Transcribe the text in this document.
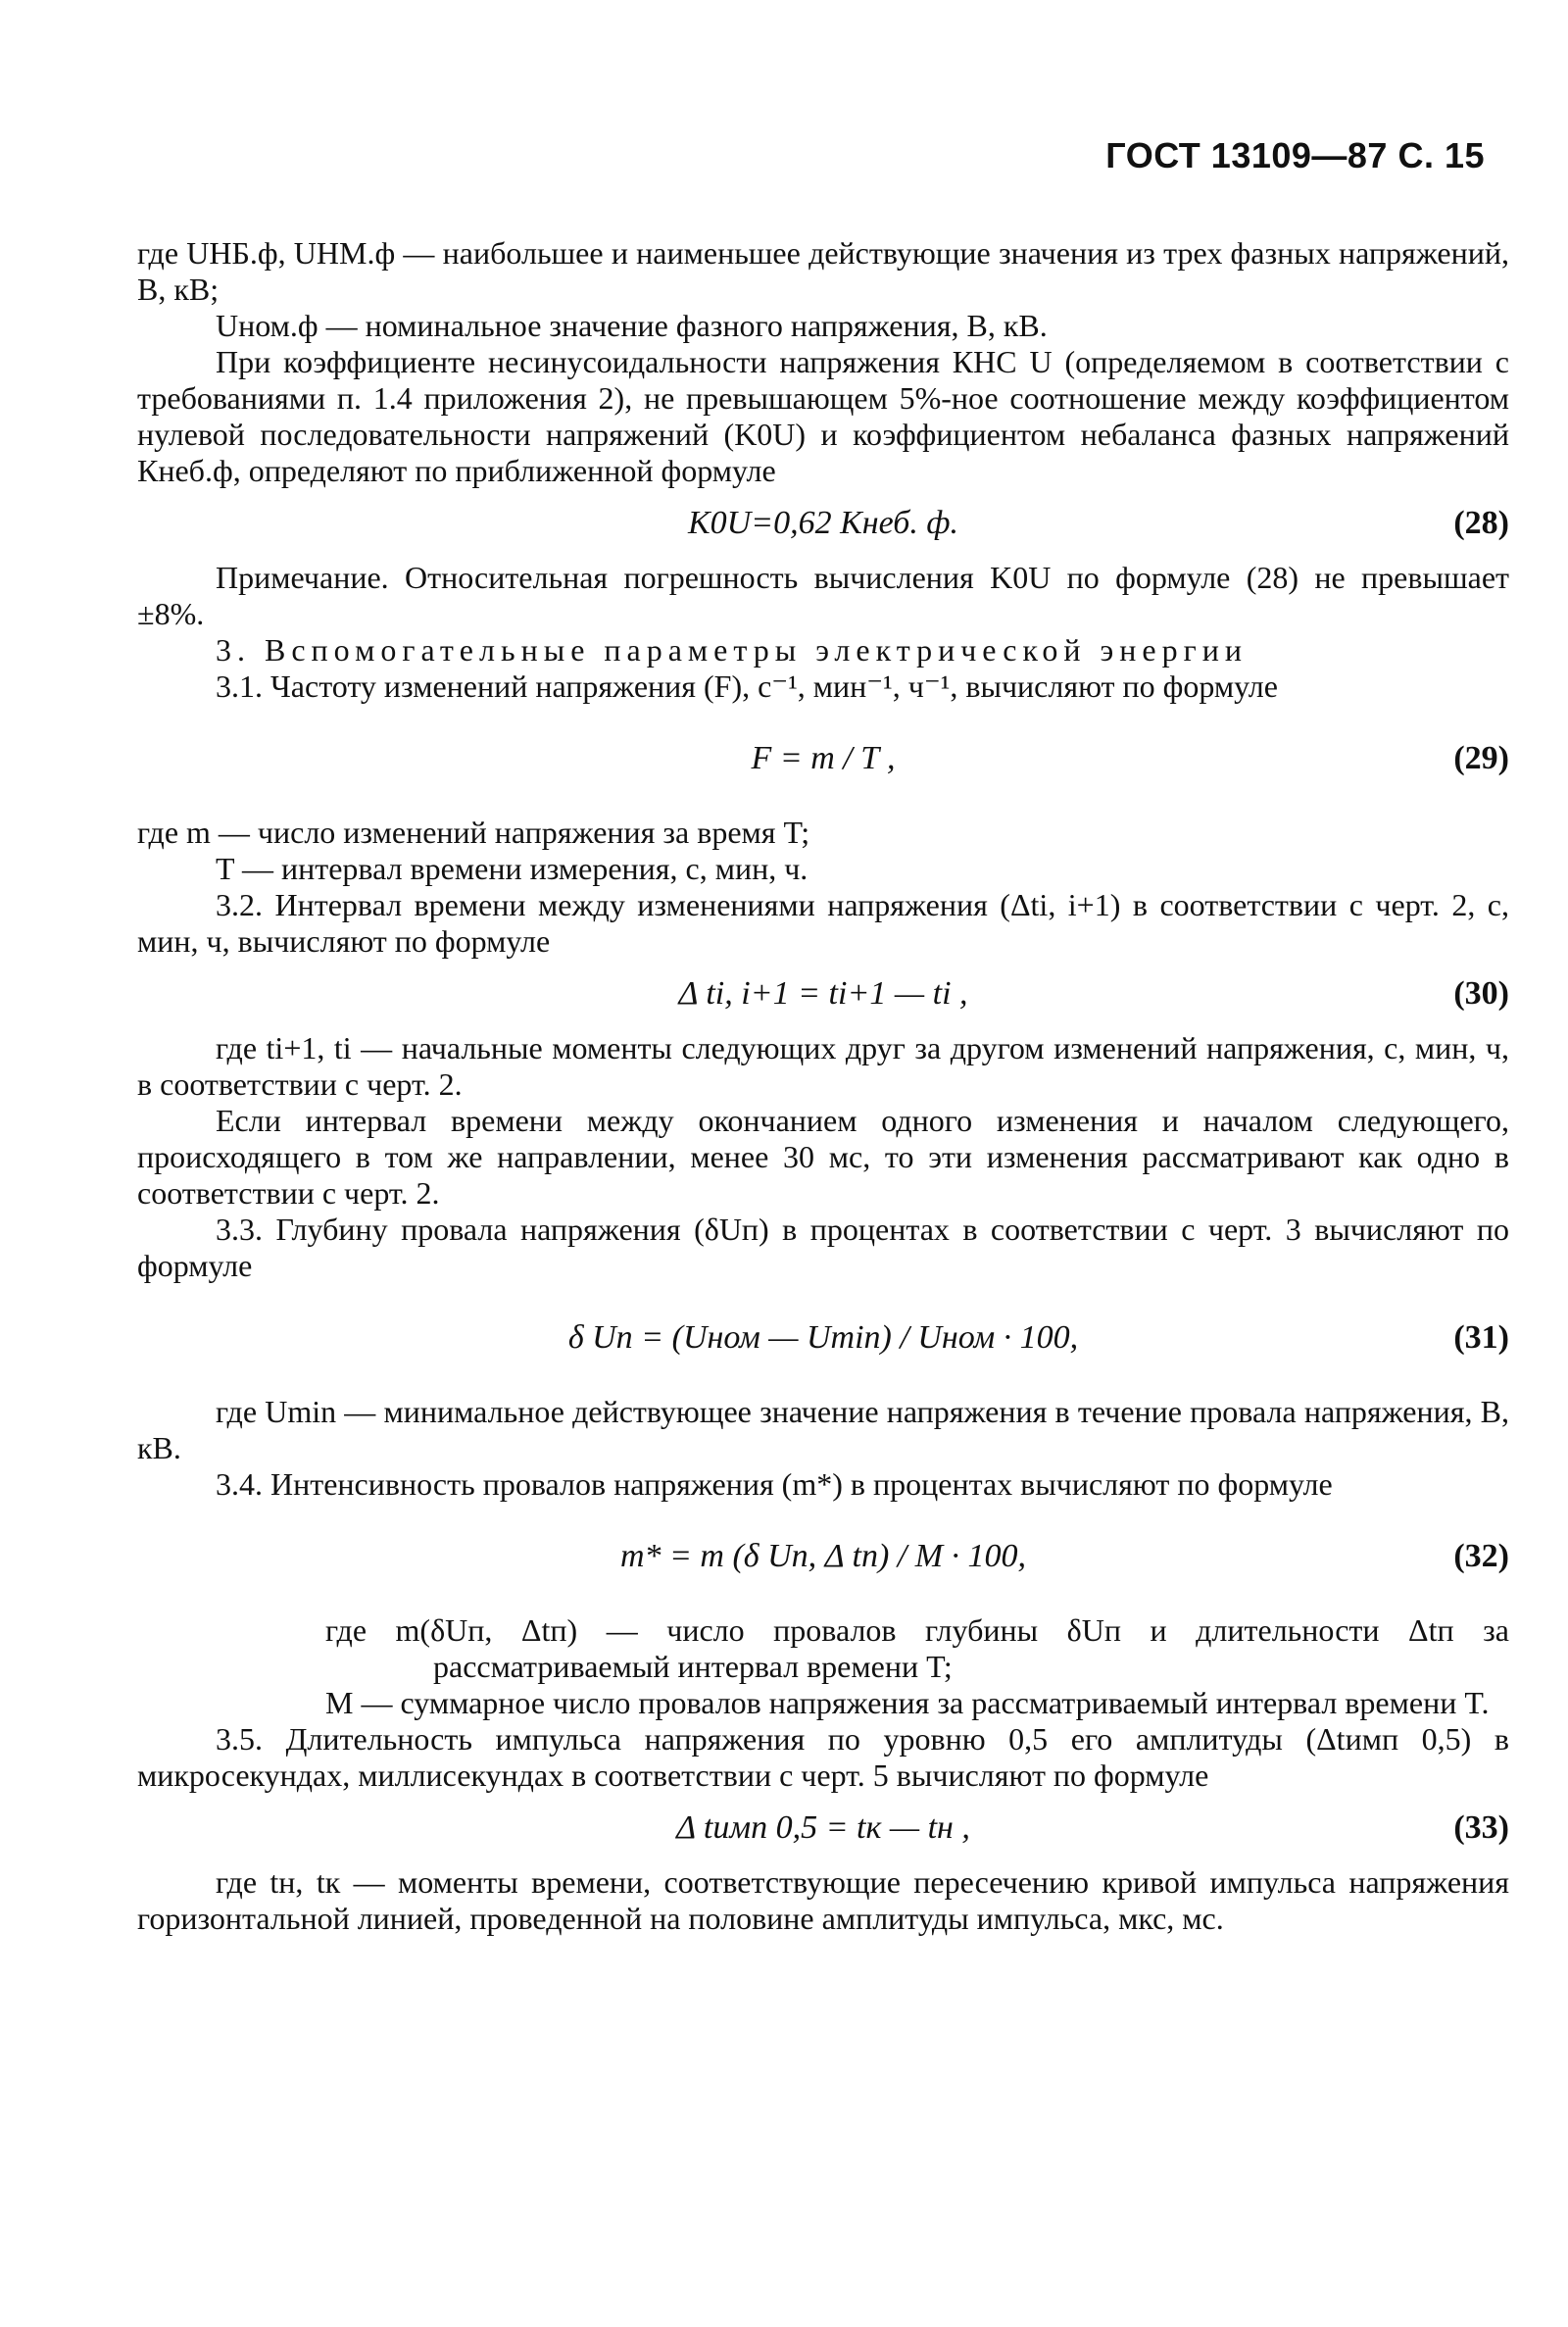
ГОСТ 13109—87 С. 15

где UНБ.ф, UНМ.ф — наибольшее и наименьшее действующие значения из трех фазных напряжений, В, кВ;

Uном.ф — номинальное значение фазного напряжения, В, кВ.

При коэффициенте несинусоидальности напряжения КНС U (определяемом в соответствии с требованиями п. 1.4 приложения 2), не превышающем 5%-ное соотношение между коэффициентом нулевой последовательности напряжений (K0U) и коэффициентом небаланса фазных напряжений Кнеб.ф, определяют по приближенной формуле

K0U=0,62 Kнеб. ф.	(28)

Примечание. Относительная погрешность вычисления K0U по формуле (28) не превышает ±8%.

3. Вспомогательные параметры электрической энергии

3.1. Частоту изменений напряжения (F), с⁻¹, мин⁻¹, ч⁻¹, вычисляют по формуле

F = m / T ,	(29)

где m — число изменений напряжения за время T;

T — интервал времени измерения, с, мин, ч.

3.2. Интервал времени между изменениями напряжения (Δti, i+1) в соответствии с черт. 2, с, мин, ч, вычисляют по формуле

Δ ti, i+1 = ti+1 — ti ,	(30)

где ti+1, ti — начальные моменты следующих друг за другом изменений напряжения, с, мин, ч, в соответствии с черт. 2.

Если интервал времени между окончанием одного изменения и началом следующего, происходящего в том же направлении, менее 30 мс, то эти изменения рассматривают как одно в соответствии с черт. 2.

3.3. Глубину провала напряжения (δUп) в процентах в соответствии с черт. 3 вычисляют по формуле

δ Uп = (Uном — Umin) / Uном · 100,	(31)

где Umin — минимальное действующее значение напряжения в течение провала напряжения, В, кВ.

3.4. Интенсивность провалов напряжения (m*) в процентах вычисляют по формуле

m* = m (δ Uп, Δ tп) / M · 100,	(32)

где m(δUп, Δtп) — число провалов глубины δUп и длительности Δtп за рассматриваемый интервал времени T;

M — суммарное число провалов напряжения за рассматриваемый интервал времени T.

3.5. Длительность импульса напряжения по уровню 0,5 его амплитуды (Δtимп 0,5) в микросекундах, миллисекундах в соответствии с черт. 5 вычисляют по формуле

Δ tимп 0,5 = tк — tн ,	(33)

где tн, tк — моменты времени, соответствующие пересечению кривой импульса напряжения горизонтальной линией, проведенной на половине амплитуды импульса, мкс, мс.
